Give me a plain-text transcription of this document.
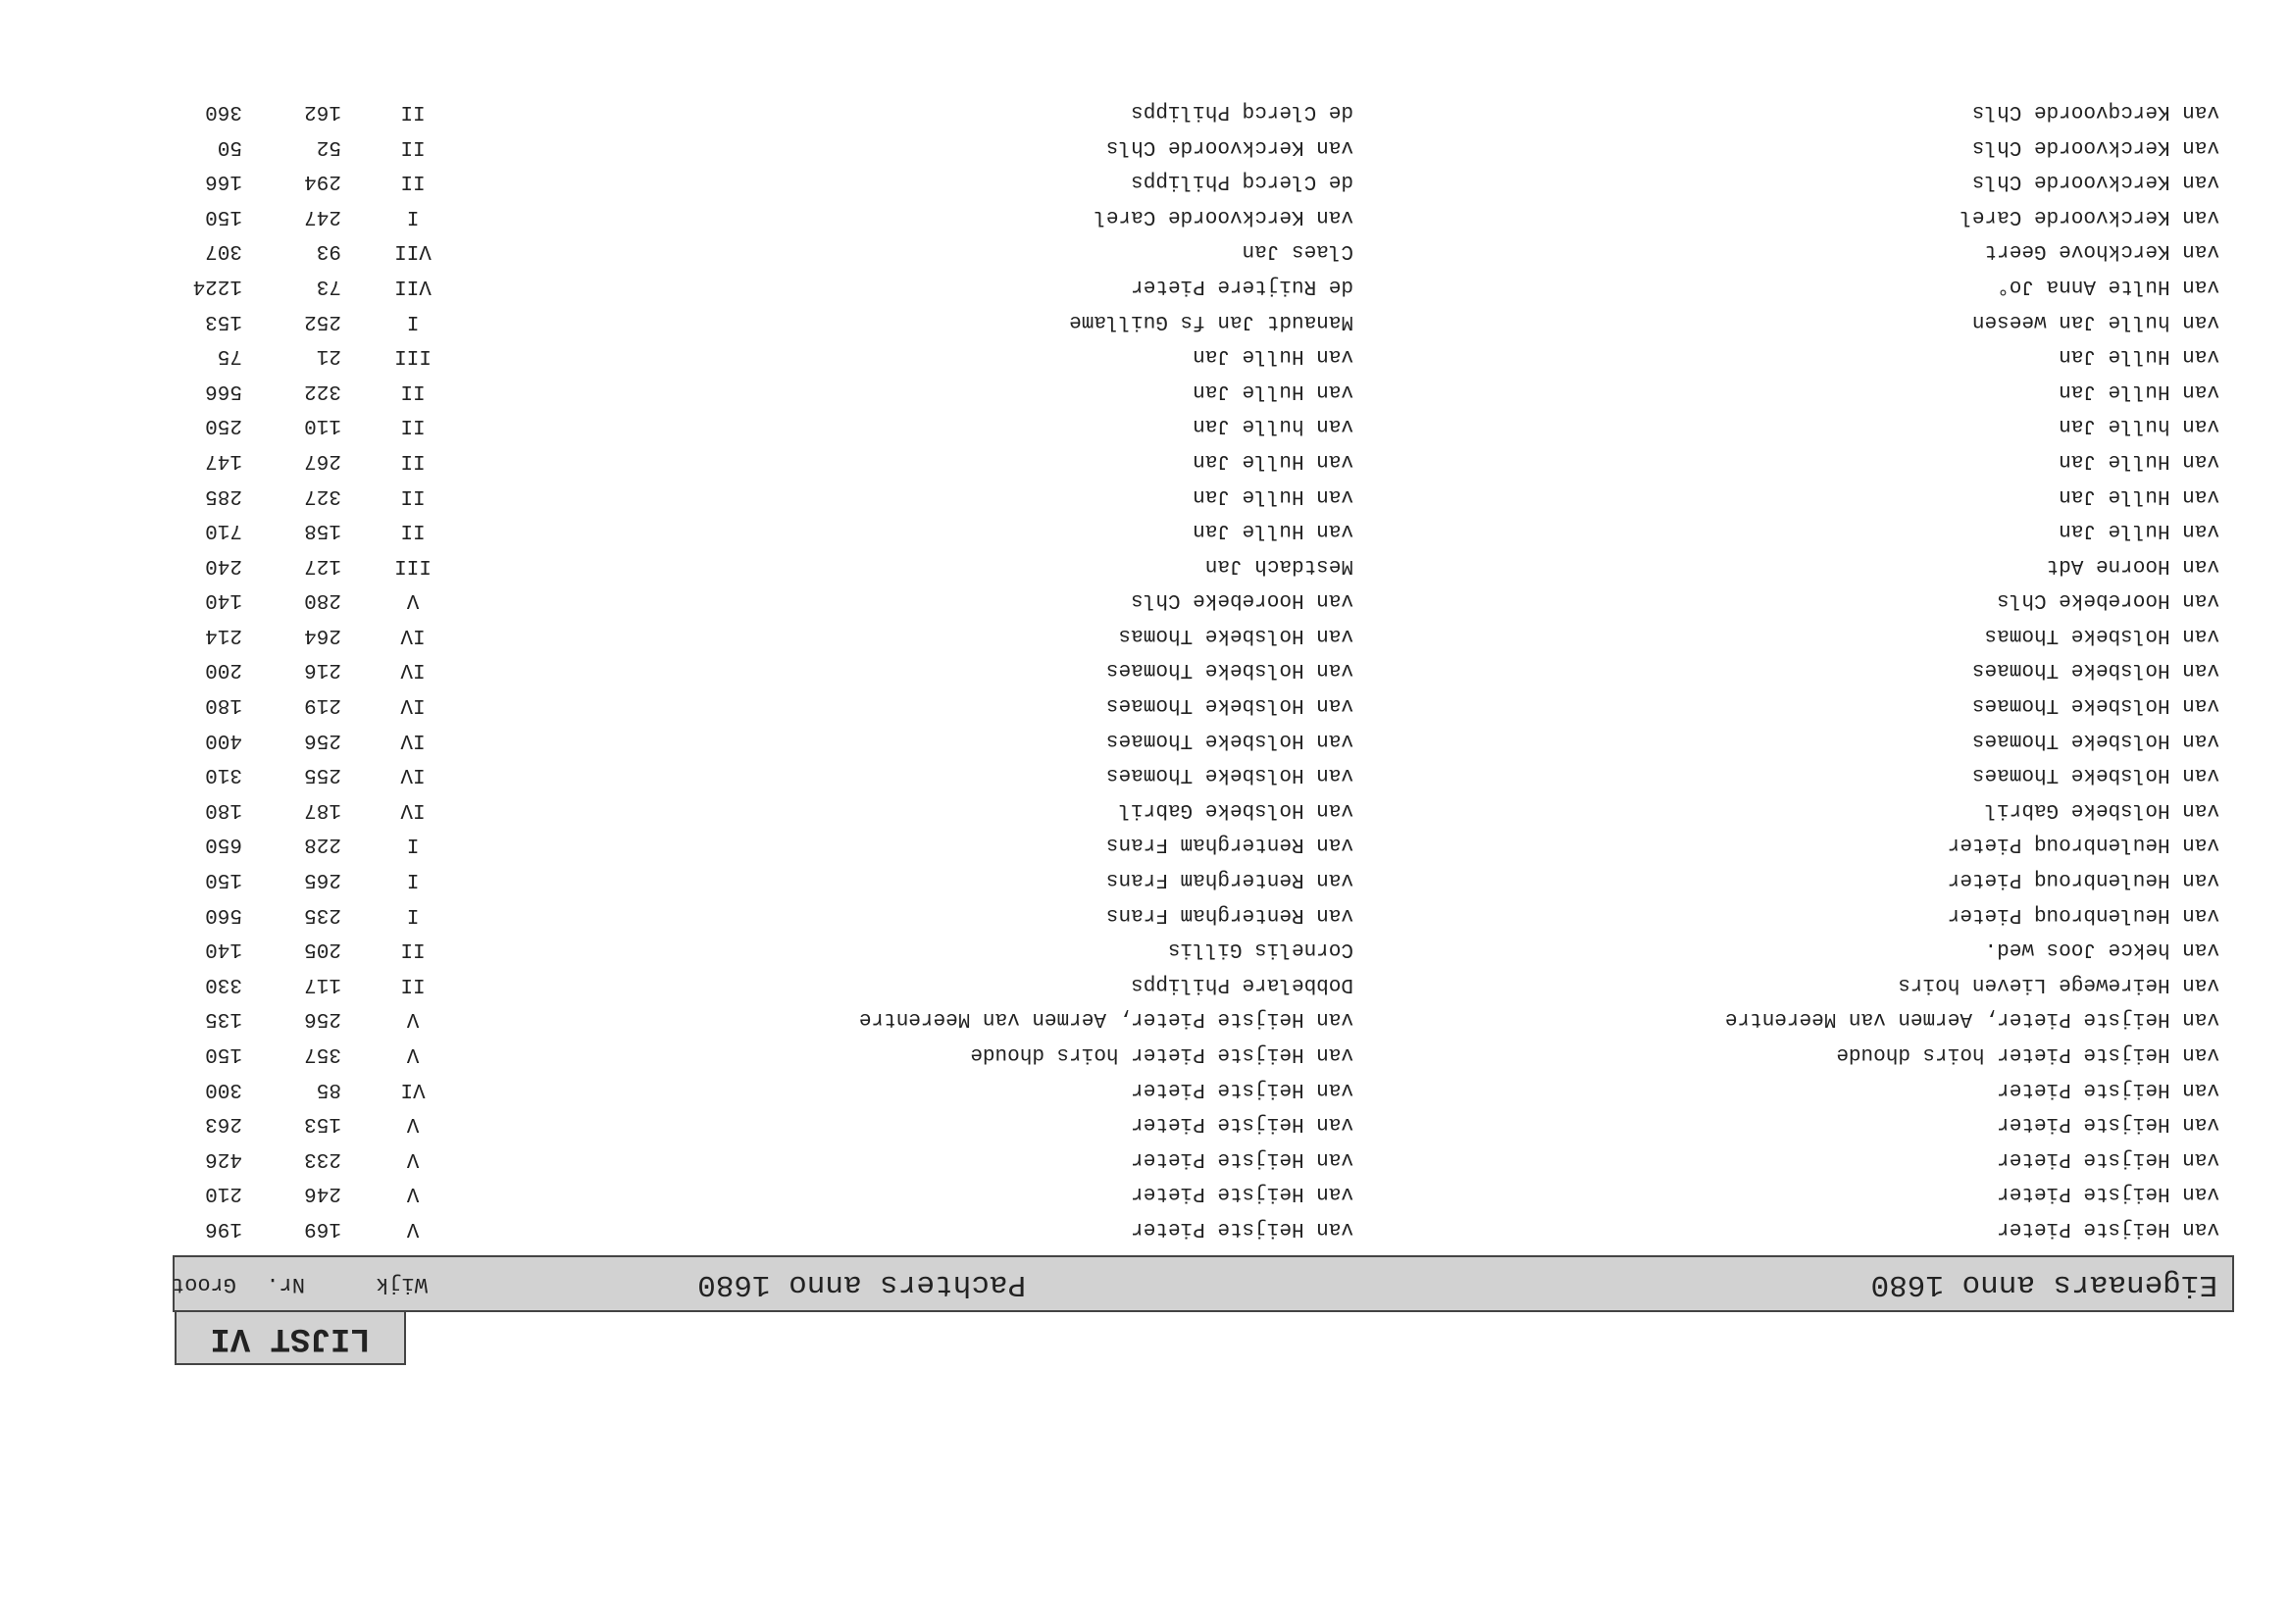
LIJST VI
Eigenaars anno 1680
Pachters anno 1680
Wijk
Nr.
Groot
van Heijste Pieter
van Heijste Pieter
V
169
196
van Heijste Pieter
van Heijste Pieter
V
246
210
van Heijste Pieter
van Heijste Pieter
V
233
426
van Heijste Pieter
van Heijste Pieter
V
153
263
van Heijste Pieter
van Heijste Pieter
VI
85
300
van Heijste Pieter hoirs dhoude
van Heijste Pieter hoirs dhoude
V
357
150
van Heijste Pieter, Aermen van Meerentre
van Heijste Pieter, Aermen van Meerentre
V
256
135
van Heirewege Lieven hoirs
Dobbelare Philipps
II
117
330
van hekce Joos wed.
Cornelis Gillis
II
205
140
van Heulenbrouq Pieter
van Rentergham Frans
I
235
560
van Heulenbrouq Pieter
van Rentergham Frans
I
265
150
van Heulenbrouq Pieter
van Rentergham Frans
I
228
650
van Holsbeke Gabril
van Holsbeke Gabril
IV
187
180
van Holsbeke Thomaes
van Holsbeke Thomaes
IV
255
310
van Holsbeke Thomaes
van Holsbeke Thomaes
IV
256
400
van Holsbeke Thomaes
van Holsbeke Thomaes
IV
219
180
van Holsbeke Thomaes
van Holsbeke Thomaes
IV
216
200
van Holsbeke Thomas
van Holsbeke Thomas
IV
264
214
van Hoorebeke Chls
van Hoorebeke Chls
V
280
140
van Hoorne Adt
Mestdach Jan
III
127
240
van Hulle Jan
van Hulle Jan
II
158
710
van Hulle Jan
van Hulle Jan
II
327
285
van Hulle Jan
van Hulle Jan
II
267
147
van hulle Jan
van hulle Jan
II
110
250
van Hulle Jan
van Hulle Jan
II
322
566
van Hulle Jan
van Hulle Jan
III
21
75
van hulle Jan weesen
Manaudt Jan fs Guillame
I
252
153
van Hulte Anna Jo°
de Ruijtere Pieter
VII
73
1224
van Kerckhove Geert
Claes Jan
VII
93
307
van Kerckvoorde Carel
van Kerckvoorde Carel
I
247
150
van Kerckvoorde Chls
de Clercq Philipps
II
294
166
van Kerckvoorde Chls
van Kerckvoorde Chls
II
52
50
van Kercqvoorde Chls
de Clercq Philipps
II
162
360
